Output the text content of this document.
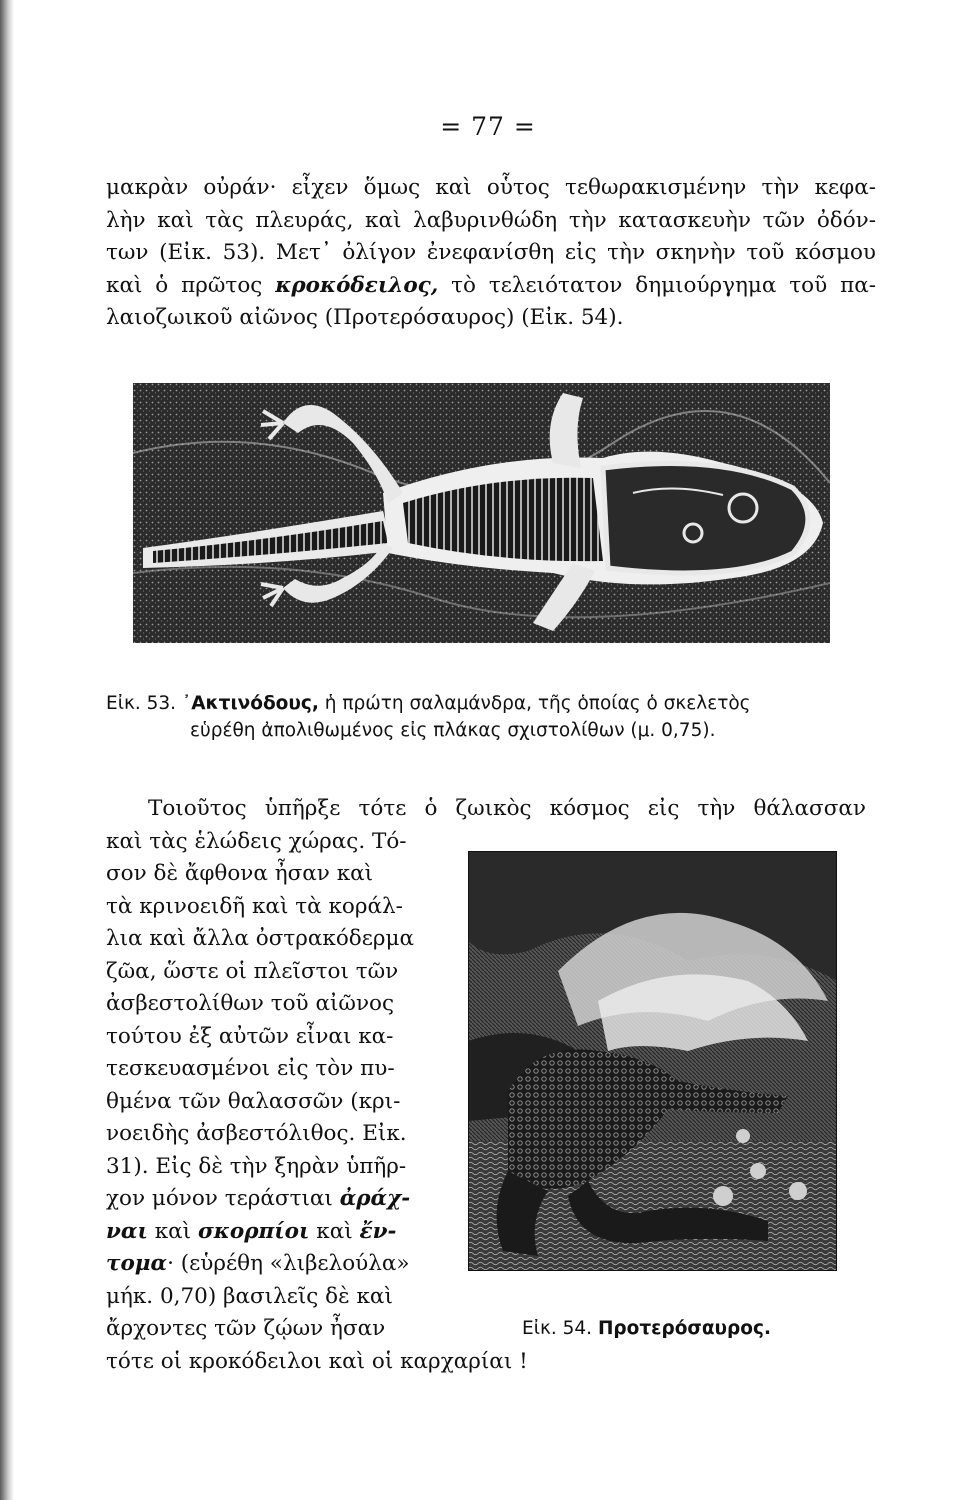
= 77 =

μακρὰν οὐράν· εἶχεν ὅμως καὶ οὗτος τεθωρακισμένην τὴν κεφα-

λὴν καὶ τὰς πλευράς, καὶ λαβυρινθώδη τὴν κατασκευὴν τῶν ὀδόν-

των (Εἰκ. 53). Μετ᾽ ὀλίγον ἐνεφανίσθη εἰς τὴν σκηνὴν τοῦ κόσμου

καὶ ὁ πρῶτος κροκόδειλος, τὸ τελειότατον δημιούργημα τοῦ πα-

λαιοζωικοῦ αἰῶνος (Προτερόσαυρος) (Εἰκ. 54).

Εἰκ. 53. ᾿Ακτινόδους, ἡ πρώτη σαλαμάνδρα, τῆς ὁποίας ὁ σκελετὸς
εὑρέθη ἀπολιθωμένος εἰς πλάκας σχιστολίθων (μ. 0,75).

Τοιοῦτος ὑπῆρξε τότε ὁ ζωικὸς κόσμος εἰς τὴν θάλασσαν

καὶ τὰς ἑλώδεις χώρας. Τό-

σον δὲ ἄφθονα ἦσαν καὶ

τὰ κρινοειδῆ καὶ τὰ κοράλ-

λια καὶ ἄλλα ὀστρακόδερμα

ζῶα, ὥστε οἱ πλεῖστοι τῶν

ἀσβεστολίθων τοῦ αἰῶνος

τούτου ἐξ αὐτῶν εἶναι κα-

τεσκευασμένοι εἰς τὸν πυ-

θμένα τῶν θαλασσῶν (κρι-

νοειδὴς ἀσβεστόλιθος. Εἰκ.

31). Εἰς δὲ τὴν ξηρὰν ὑπῆρ-

χον μόνον τεράστιαι ἀράχ-

ναι καὶ σκορπίοι καὶ ἔν-

τομα· (εὑρέθη «λιβελούλα»

μήκ. 0,70) βασιλεῖς δὲ καὶ

ἄρχοντες τῶν ζῴων ἦσαν

τότε οἱ κροκόδειλοι καὶ οἱ καρχαρίαι !

Εἰκ. 54. Προτερόσαυρος.
